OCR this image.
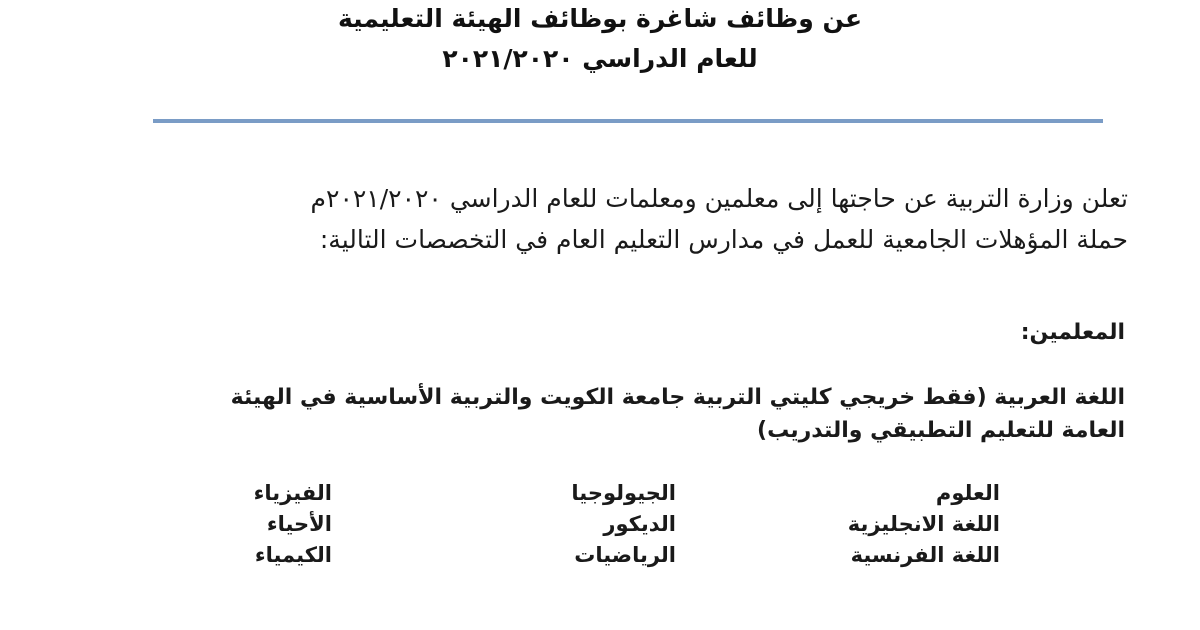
عن وظائف شاغرة بوظائف الهيئة التعليمية
للعام الدراسي ٢٠٢١/٢٠٢٠
تعلن وزارة التربية عن حاجتها إلى معلمين ومعلمات للعام الدراسي ٢٠٢١/٢٠٢٠م
حملة المؤهلات الجامعية للعمل في مدارس التعليم العام في التخصصات التالية:
المعلمين:
اللغة العربية (فقط خريجي كليتي التربية جامعة الكويت والتربية الأساسية في الهيئة
العامة للتعليم التطبيقي والتدريب)
العلوم
اللغة الانجليزية
اللغة الفرنسية
الجيولوجيا
الديكور
الرياضيات
الفيزياء
الأحياء
الكيمياء
